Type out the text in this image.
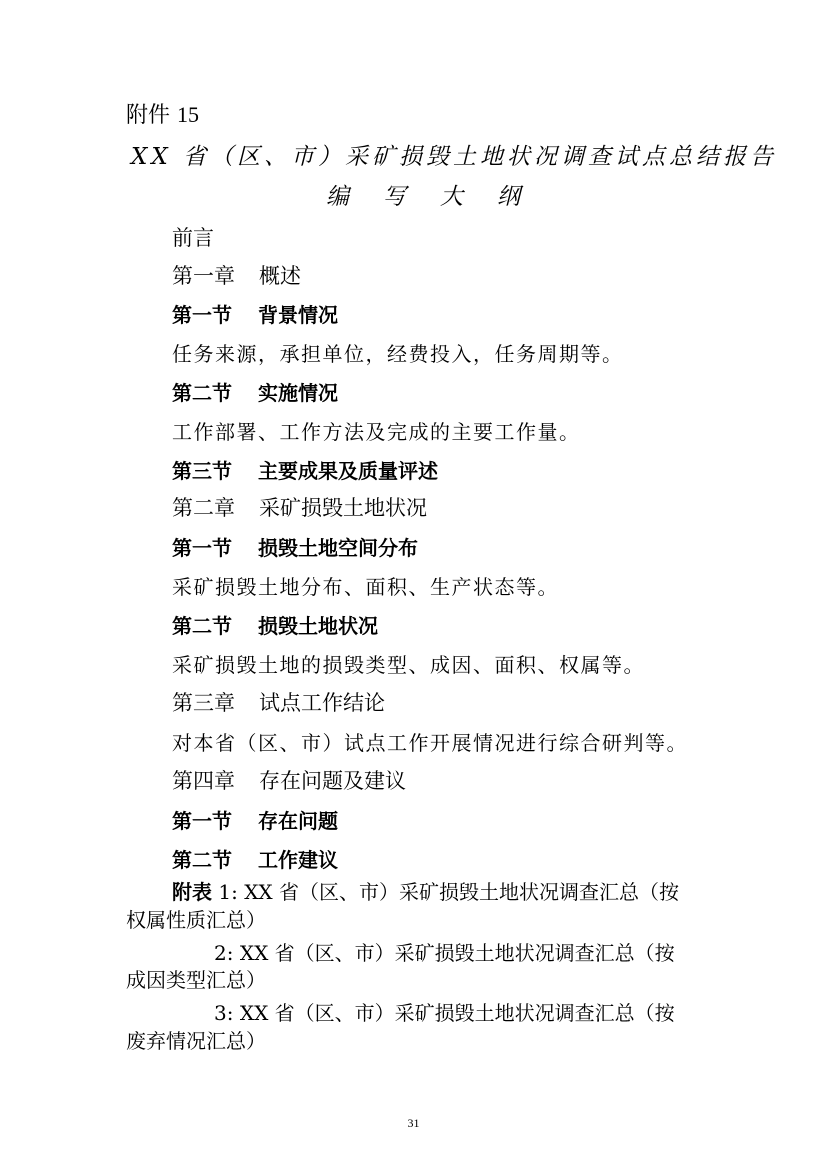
附件 15
XX 省（区、市）采矿损毁土地状况调查试点总结报告
编写大纲
前言
第一章 概述
第一节 背景情况
任务来源，承担单位，经费投入，任务周期等。
第二节 实施情况
工作部署、工作方法及完成的主要工作量。
第三节 主要成果及质量评述
第二章 采矿损毁土地状况
第一节 损毁土地空间分布
采矿损毁土地分布、面积、生产状态等。
第二节 损毁土地状况
采矿损毁土地的损毁类型、成因、面积、权属等。
第三章 试点工作结论
对本省（区、市）试点工作开展情况进行综合研判等。
第四章 存在问题及建议
第一节 存在问题
第二节 工作建议
附表 1: XX 省（区、市）采矿损毁土地状况调查汇总（按
权属性质汇总）
2: XX 省（区、市）采矿损毁土地状况调查汇总（按
成因类型汇总）
3: XX 省（区、市）采矿损毁土地状况调查汇总（按
废弃情况汇总）
31
